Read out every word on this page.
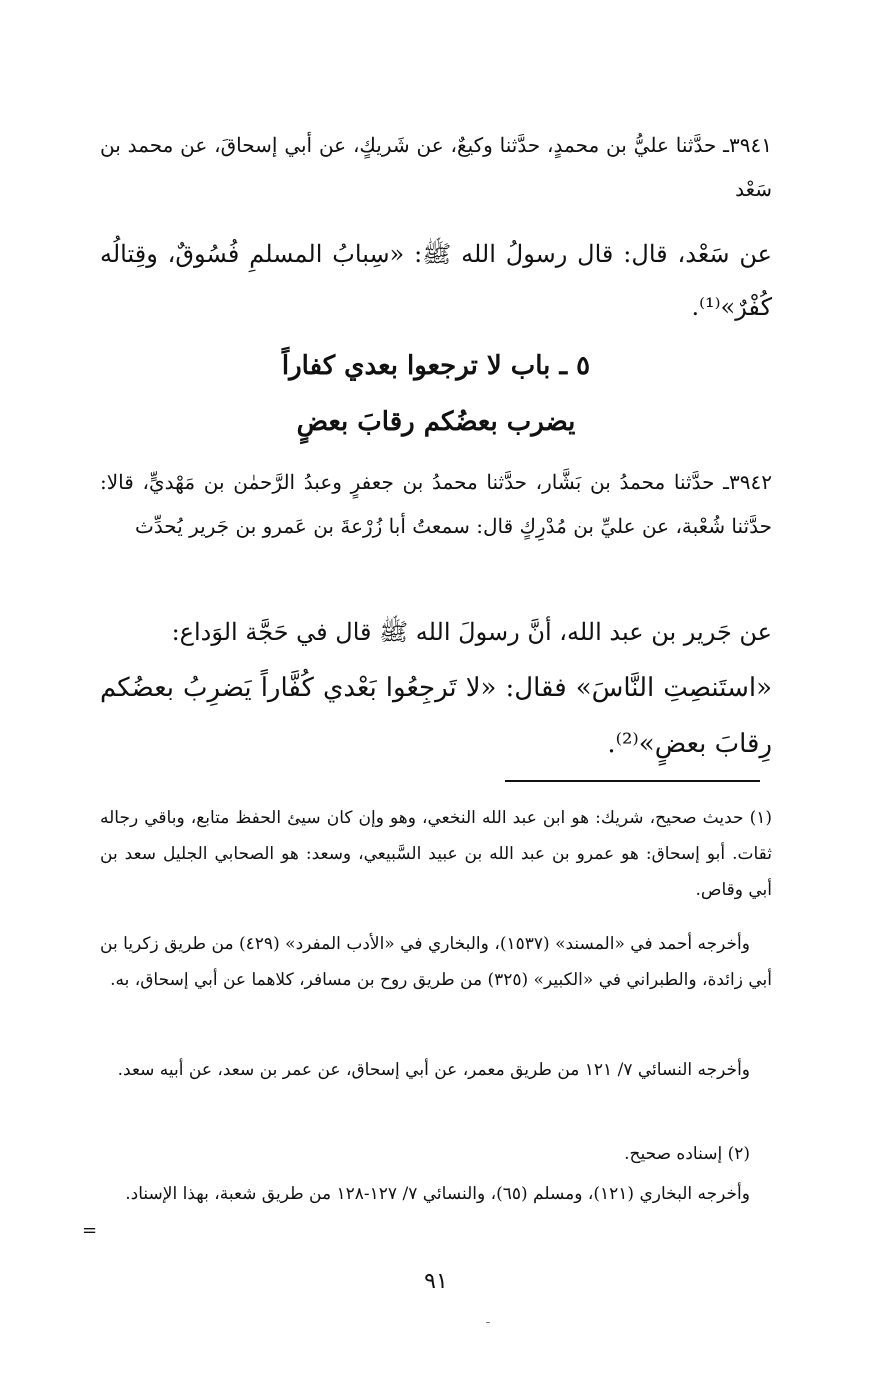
٣٩٤١ـ حدَّثنا عليُّ بن محمدٍ، حدَّثنا وكيعٌ، عن شَريكٍ، عن أبي إسحاقَ، عن محمد بن سَعْد
عن سَعْد، قال: قال رسولُ الله ﷺ: «سِبابُ المسلمِ فُسُوقٌ، وقِتالُه كُفْرٌ»⁽¹⁾.
٥ ـ باب لا ترجعوا بعدي كفاراً
يضرب بعضُكم رقابَ بعضٍ
٣٩٤٢ـ حدَّثنا محمدُ بن بَشَّار، حدَّثنا محمدُ بن جعفرٍ وعبدُ الرَّحمٰن بن مَهْديٍّ، قالا: حدَّثنا شُعْبة، عن عليِّ بن مُدْرِكٍ قال: سمعتُ أبا زُرْعةَ بن عَمرو بن جَرير يُحدِّث
عن جَرير بن عبد الله، أنَّ رسولَ الله ﷺ قال في حَجَّة الوَداع:
«استَنصِتِ النَّاسَ» فقال: «لا تَرجِعُوا بَعْدي كُفَّاراً يَضرِبُ بعضُكم رِقابَ بعضٍ»⁽²⁾.
(١) حديث صحيح، شريك: هو ابن عبد الله النخعي، وهو وإن كان سيئ الحفظ متابع، وباقي رجاله ثقات. أبو إسحاق: هو عمرو بن عبد الله بن عبيد السَّبيعي، وسعد: هو الصحابي الجليل سعد بن أبي وقاص.
وأخرجه أحمد في «المسند» (١٥٣٧)، والبخاري في «الأدب المفرد» (٤٢٩) من طريق زكريا بن أبي زائدة، والطبراني في «الكبير» (٣٢٥) من طريق روح بن مسافر، كلاهما عن أبي إسحاق، به.
وأخرجه النسائي ٧/ ١٢١ من طريق معمر، عن أبي إسحاق، عن عمر بن سعد، عن أبيه سعد.
(٢) إسناده صحيح.
وأخرجه البخاري (١٢١)، ومسلم (٦٥)، والنسائي ٧/ ١٢٧-١٢٨ من طريق شعبة، بهذا الإسناد.
=
٩١
